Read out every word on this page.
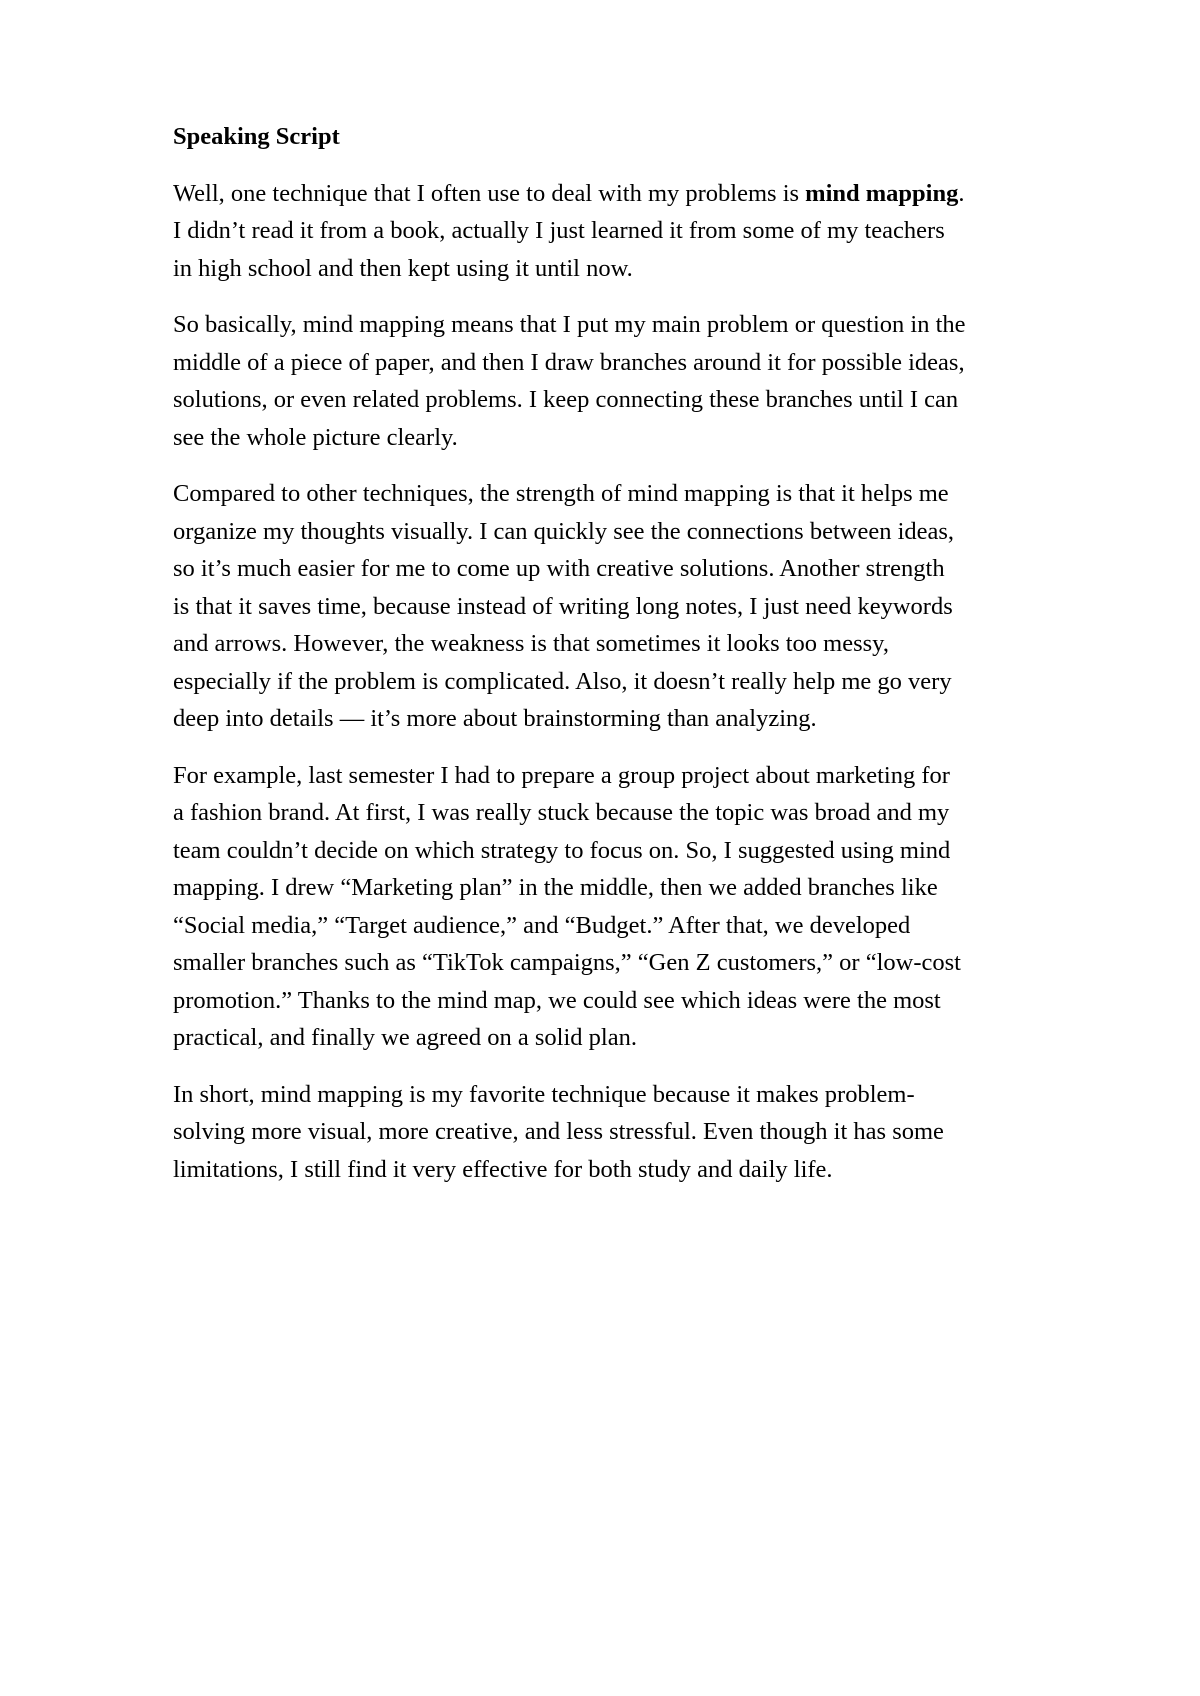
Speaking Script
Well, one technique that I often use to deal with my problems is mind mapping.
I didn’t read it from a book, actually I just learned it from some of my teachers
in high school and then kept using it until now.
So basically, mind mapping means that I put my main problem or question in the
middle of a piece of paper, and then I draw branches around it for possible ideas,
solutions, or even related problems. I keep connecting these branches until I can
see the whole picture clearly.
Compared to other techniques, the strength of mind mapping is that it helps me
organize my thoughts visually. I can quickly see the connections between ideas,
so it’s much easier for me to come up with creative solutions. Another strength
is that it saves time, because instead of writing long notes, I just need keywords
and arrows. However, the weakness is that sometimes it looks too messy,
especially if the problem is complicated. Also, it doesn’t really help me go very
deep into details — it’s more about brainstorming than analyzing.
For example, last semester I had to prepare a group project about marketing for
a fashion brand. At first, I was really stuck because the topic was broad and my
team couldn’t decide on which strategy to focus on. So, I suggested using mind
mapping. I drew “Marketing plan” in the middle, then we added branches like
“Social media,” “Target audience,” and “Budget.” After that, we developed
smaller branches such as “TikTok campaigns,” “Gen Z customers,” or “low-cost
promotion.” Thanks to the mind map, we could see which ideas were the most
practical, and finally we agreed on a solid plan.
In short, mind mapping is my favorite technique because it makes problem-
solving more visual, more creative, and less stressful. Even though it has some
limitations, I still find it very effective for both study and daily life.
